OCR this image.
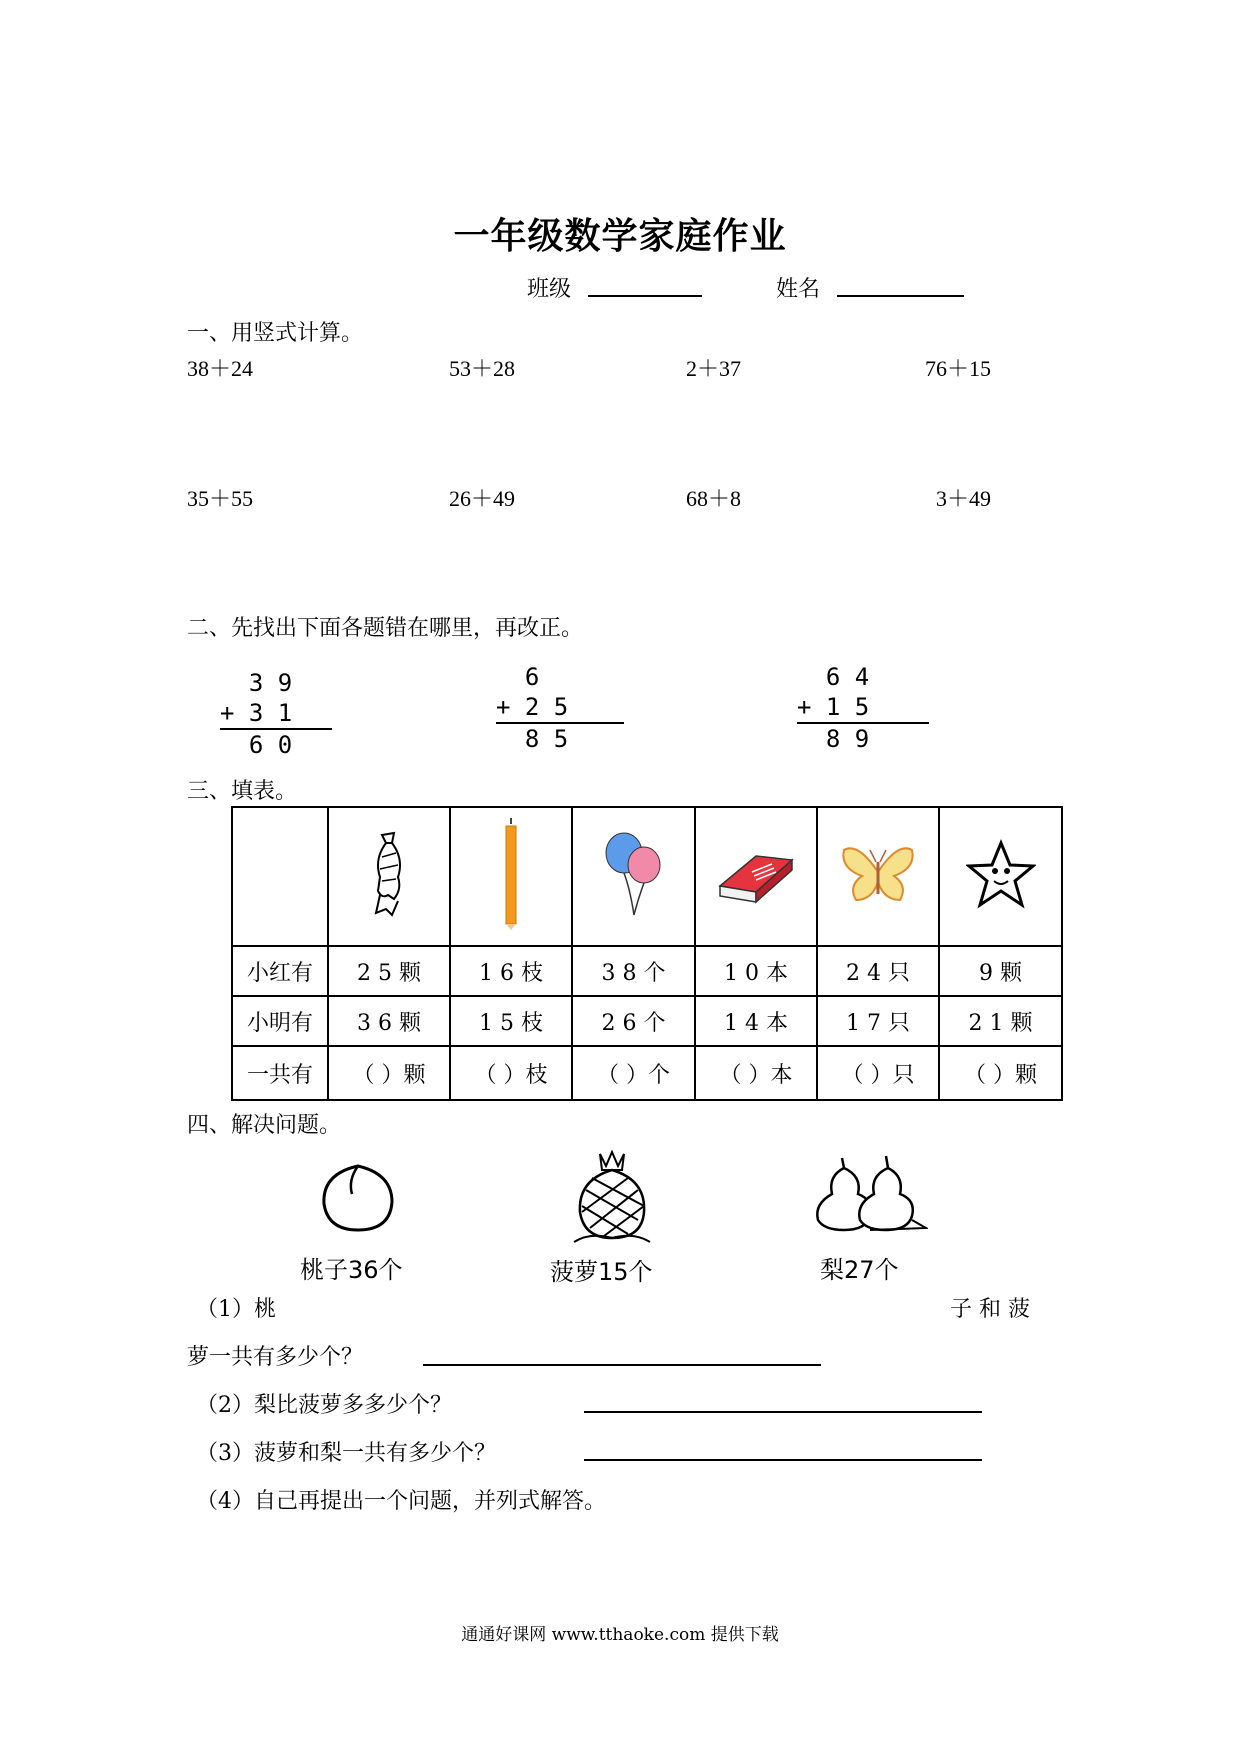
一年级数学家庭作业
班级	姓名
一、用竖式计算。
38＋24	53＋28	2＋37	76＋15
35＋55	26＋49	68＋8	3＋49
二、先找出下面各题错在哪里，再改正。
3 9
+ 3 1
6 0
6
+ 2 5
8 5
6 4
+ 1 5
8 9
三、填表。

小红有	2 5 颗	1 6 枝	3 8 个	1 0 本	2 4 只	9 颗
小明有	3 6 颗	1 5 枝	2 6 个	1 4 本	1 7 只	2 1 颗
一共有	（ ）颗	（ ）枝	（ ）个	（ ）本	（ ）只	（ ）颗
四、解决问题。
桃子36个	菠萝15个	梨27个
（1）桃	子 和 菠
萝一共有多少个？
（2）梨比菠萝多多少个？
（3）菠萝和梨一共有多少个？
（4）自己再提出一个问题，并列式解答。
通通好课网 www.tthaoke.com 提供下载
